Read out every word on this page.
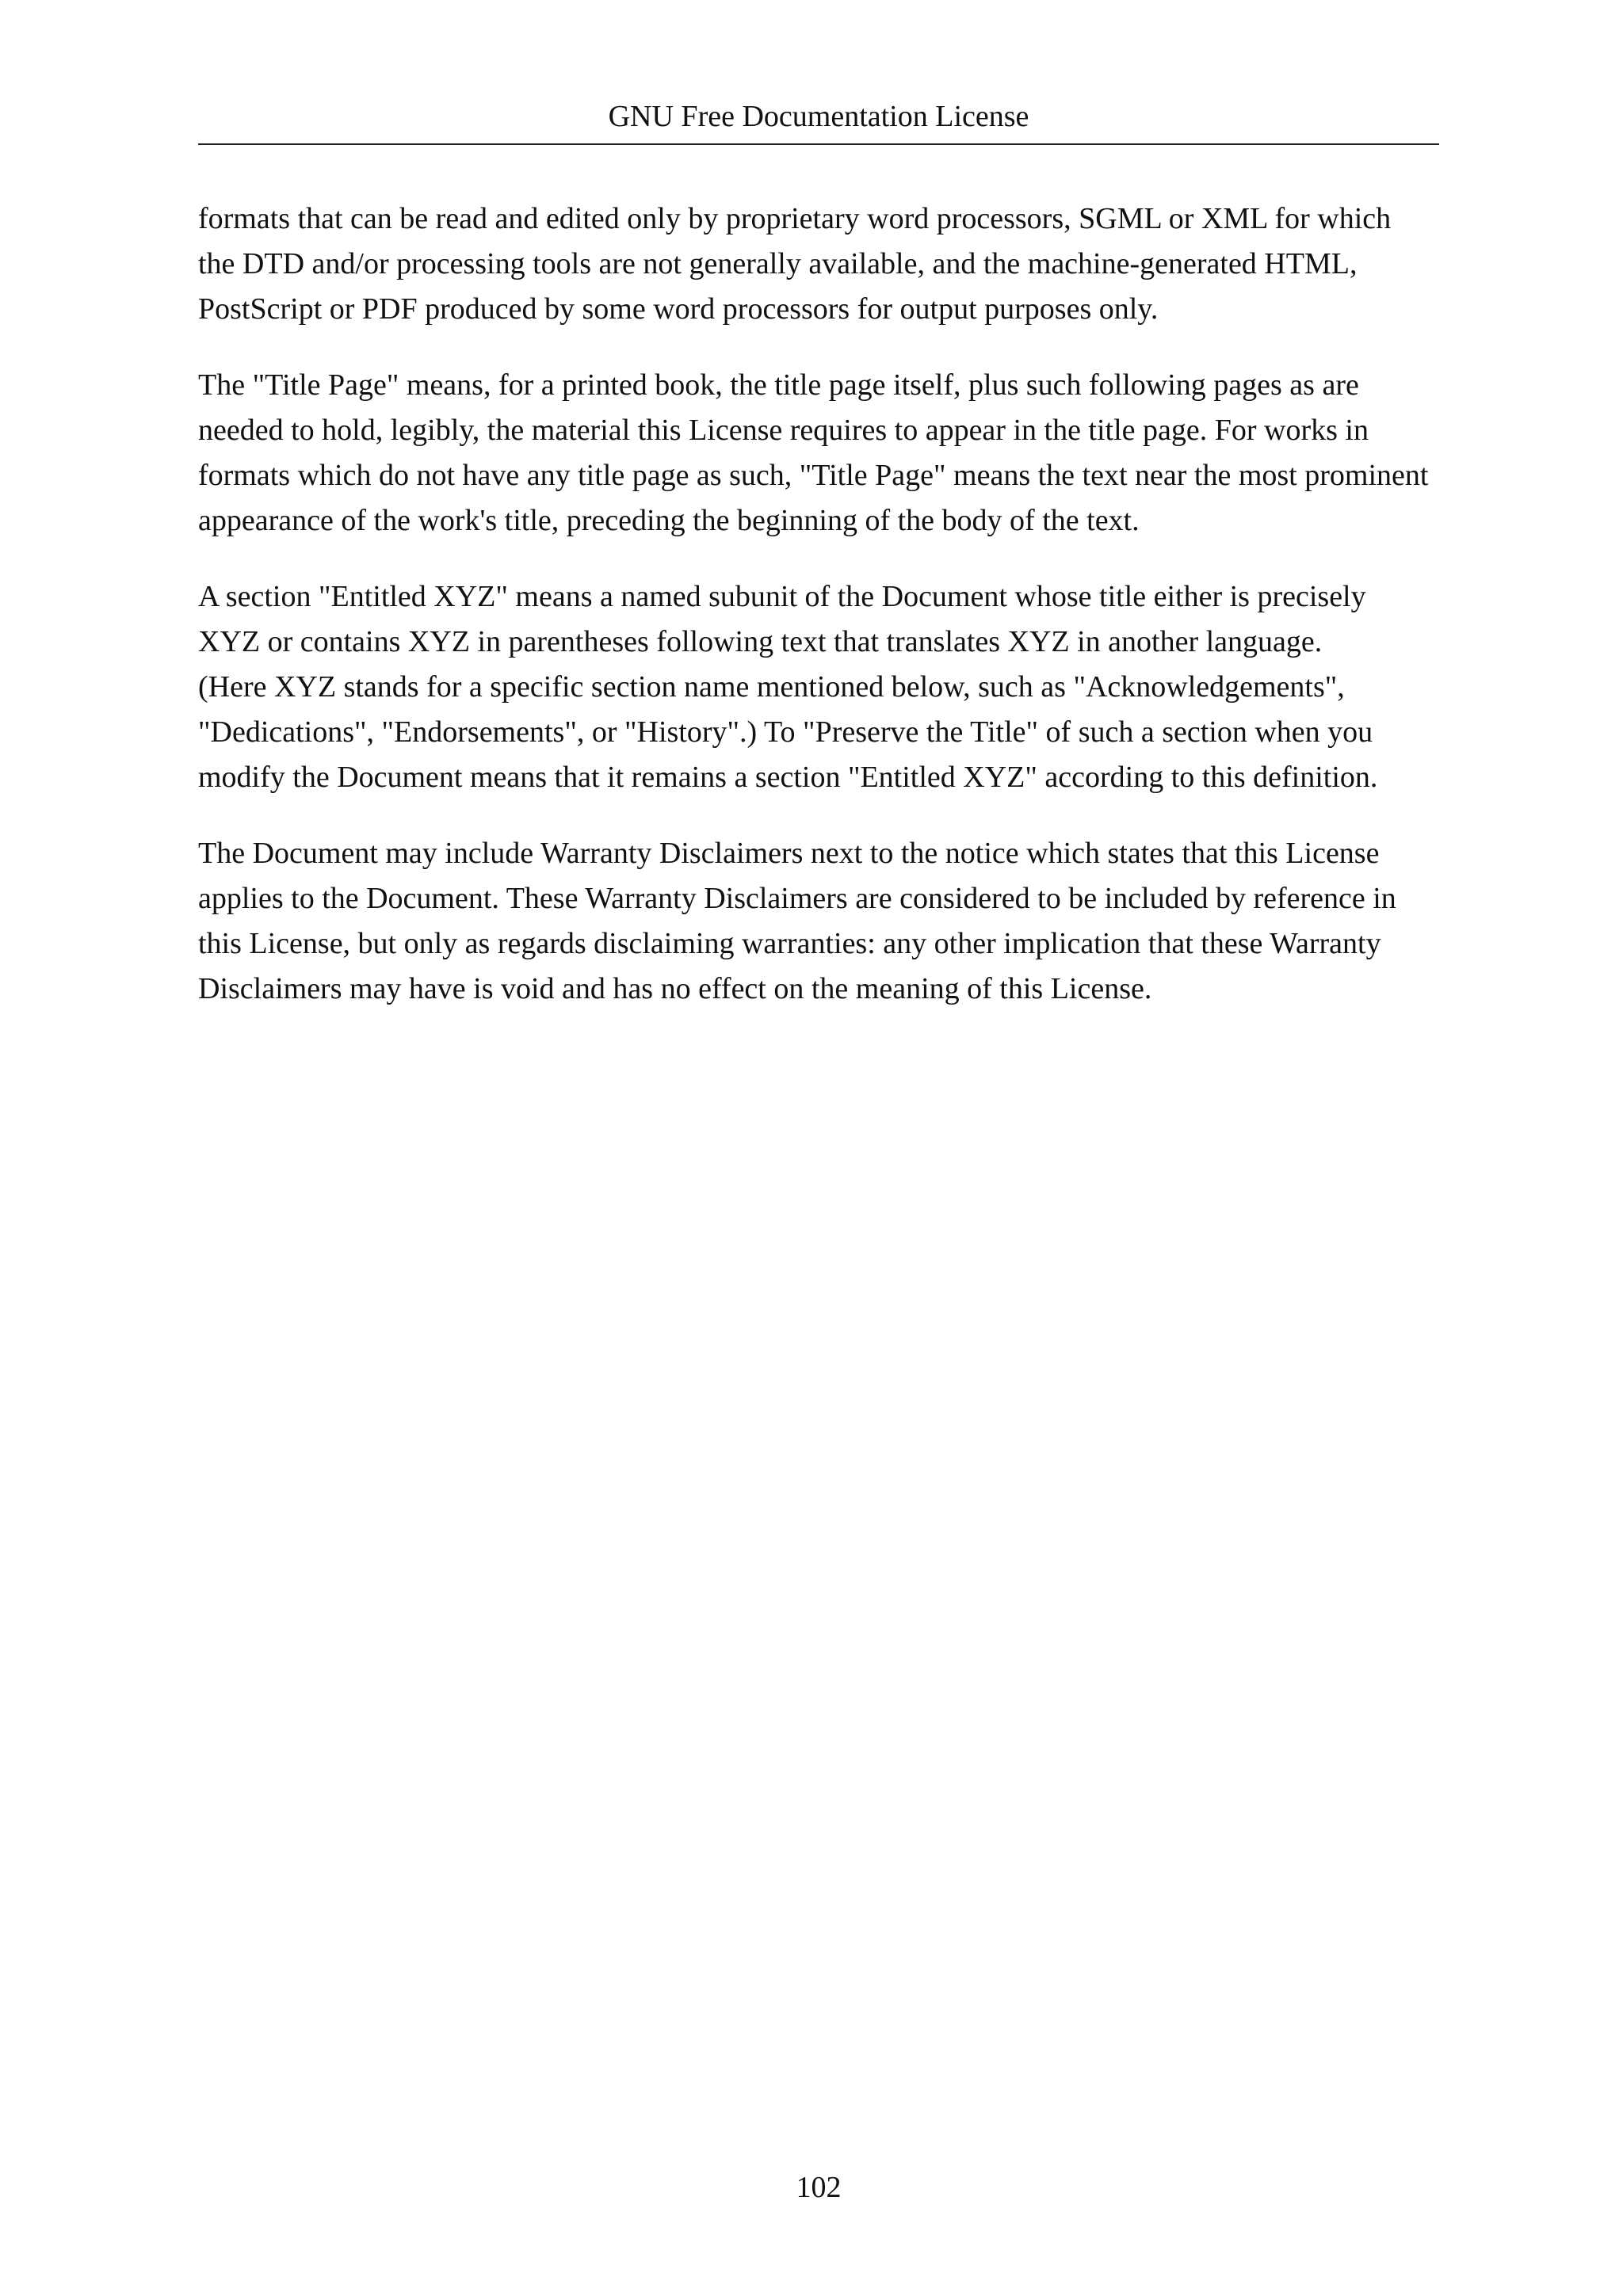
GNU Free Documentation License

formats that can be read and edited only by proprietary word processors, SGML or XML for which
the DTD and/or processing tools are not generally available, and the machine-generated HTML,
PostScript or PDF produced by some word processors for output purposes only.

The "Title Page" means, for a printed book, the title page itself, plus such following pages as are
needed to hold, legibly, the material this License requires to appear in the title page. For works in
formats which do not have any title page as such, "Title Page" means the text near the most prominent
appearance of the work's title, preceding the beginning of the body of the text.

A section "Entitled XYZ" means a named subunit of the Document whose title either is precisely
XYZ or contains XYZ in parentheses following text that translates XYZ in another language.
(Here XYZ stands for a specific section name mentioned below, such as "Acknowledgements",
"Dedications", "Endorsements", or "History".) To "Preserve the Title" of such a section when you
modify the Document means that it remains a section "Entitled XYZ" according to this definition.

The Document may include Warranty Disclaimers next to the notice which states that this License
applies to the Document. These Warranty Disclaimers are considered to be included by reference in
this License, but only as regards disclaiming warranties: any other implication that these Warranty
Disclaimers may have is void and has no effect on the meaning of this License.

102
